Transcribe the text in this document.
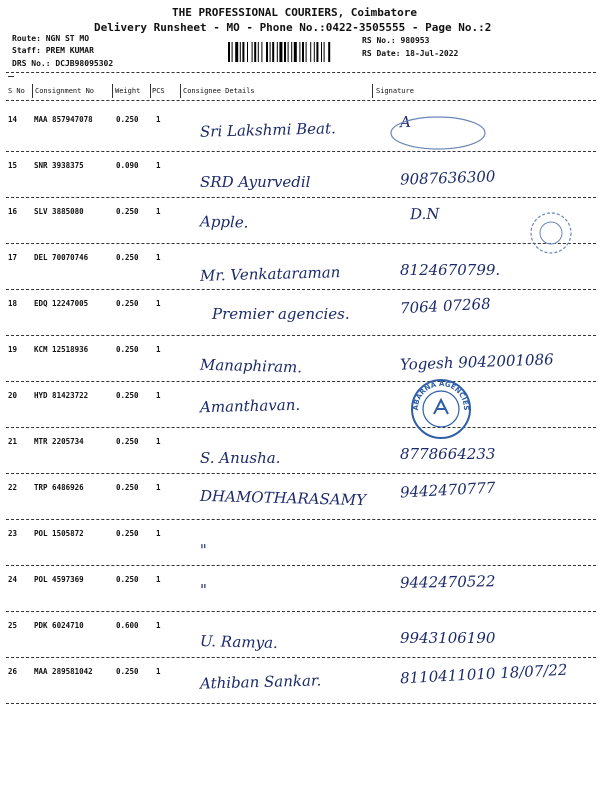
THE PROFESSIONAL COURIERS, Coimbatore
Delivery Runsheet - MO - Phone No.:0422-3505555 - Page No.:2
Route: NGN ST MO
Staff: PREM KUMAR
DRS No.: DCJB98095302
RS No.: 980953
RS Date: 18-Jul-2022
S No Consignment No	Weight PCS	Consignee Details	Signature
14 MAA 857947078	0.250 1	Sri Lakshmi Beat.	A
15 SNR 3938375	0.090 1
SRD Ayurvedil	9087636300
16 SLV 3885080	0.250 1
Apple.	D.N
17 DEL 70070746	0.250 1
Mr. Venkataraman	8124670799.
18 EDQ 12247005	0.250 1
Premier agencies.	7064 07268
19 KCM 12518936	0.250 1
Manaphiram.	Yogesh 9042001086
20 HYD 81423722	0.250 1
Amanthavan.
21 MTR 2205734	0.250 1
S. Anusha.	8778664233
22 TRP 6486926	0.250 1	DHAMOTHARASAMY 9442470777
23 POL 1505872	0.250 1
"
24 POL 4597369	0.250 1
"	9442470522
25 PDK 6024710	0.600 1
U. Ramya.	9943106190
26 MAA 289581042	0.250 1	Athiban Sankar.	8110411010 18/07/22
ABARNA AGENCIES
